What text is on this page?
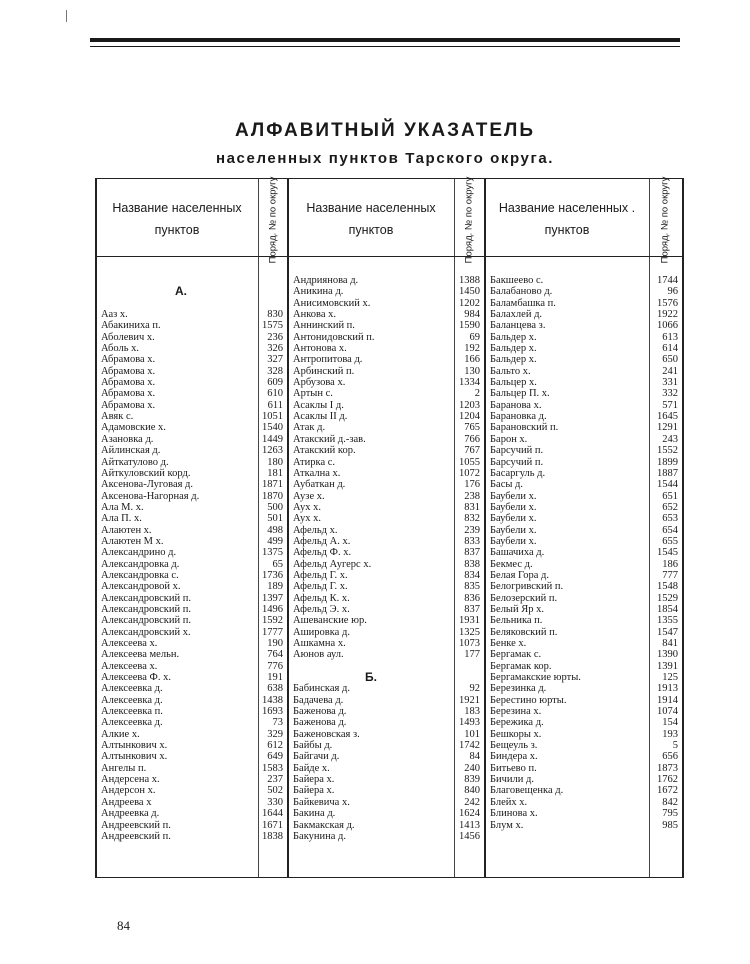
АЛФАВИТНЫЙ УКАЗАТЕЛЬ
населенных пунктов Тарского округа.
Название населенных пунктов	Поряд. № по округу	Название населенных пунктов	Поряд. № по округу	Название населенных . пунктов	Поряд. № по округу
А.
Ааз х.	830
Абакиниха п.	1575
Аболевич х.	236
Аболь х.	326
Абрамова х.	327
Абрамова х.	328
Абрамова х.	609
Абрамова х.	610
Абрамова х.	611
Авяк с.	1051
Адамовские х.	1540
Азановка д.	1449
Айлинская д.	1263
Айткатулово д.	180
Айткуловский корд.	181
Аксенова-Луговая д.	1871
Аксенова-Нагорная д.	1870
Ала М. х.	500
Ала П. х.	501
Алаютен х.	498
Алаютен М х.	499
Александрино д.	1375
Александровка д.	65
Александровка с.	1736
Александровой х.	189
Александровский п.	1397
Александровский п.	1496
Александровский п.	1592
Александровский х.	1777
Алексеева х.	190
Алексеева мельн.	764
Алексеева х.	776
Алексеева Ф. х.	191
Алексеевка д.	638
Алексеевка д.	1438
Алексеевка п.	1693
Алексеевка д.	73
Алкие х.	329
Алтынкович х.	612
Алтынкович х.	649
Ангелы п.	1583
Андерсена х.	237
Андерсон х.	502
Андреева х	330
Андреевка д.	1644
Андреевский п.	1671
Андреевский п.	1838
Андриянова д.	1388
Аникина д.	1450
Анисимовский х.	1202
Анкова х.	984
Аннинский п.	1590
Антонидовский п.	69
Антонова х.	192
Антропитова д.	166
Арбинский п.	130
Арбузова х.	1334
Артын с.	2
Асаклы I д.	1203
Асаклы II д.	1204
Атак д.	765
Атакский д.-зав.	766
Атакский кор.	767
Атирка с.	1055
Аткална х.	1072
Аубаткан д.	176
Аузе х.	238
Аух х.	831
Аух х.	832
Афельд х.	239
Афельд А. х.	833
Афельд Ф. х.	837
Афельд Аугерс х.	838
Афельд Г. х.	834
Афельд Г. х.	835
Афельд К. х.	836
Афельд Э. х.	837
Ашеванские юр.	1931
Ашировка д.	1325
Ашкамна х.	1073
Аюнов аул.	177
Б.
Бабинская д.	92
Бадачева д.	1921
Баженова д.	183
Баженова д.	1493
Баженовская з.	101
Байбы д.	1742
Байгачи д.	84
Байде х.	240
Байера х.	839
Байера х.	840
Байкевича х.	242
Бакина д.	1624
Бакмакская д.	1413
Бакунина д.	1456
Бакшеево с.	1744
Балабаново д.	96
Баламбашка п.	1576
Балахлей д.	1922
Баланцева з.	1066
Бальдер х.	613
Бальдер х.	614
Бальдер х.	650
Бальто х.	241
Бальцер х.	331
Бальцер П. х.	332
Баранова х.	571
Барановка д.	1645
Барановский п.	1291
Барон х.	243
Барсучий п.	1552
Барсучий п.	1899
Басаргуль д.	1887
Басы д.	1544
Баубели х.	651
Баубели х.	652
Баубели х.	653
Баубели х.	654
Баубели х.	655
Башачиха д.	1545
Бекмес д.	186
Белая Гора д.	777
Белогривский п.	1548
Белозерский п.	1529
Белый Яр х.	1854
Бельника п.	1355
Беляковский п.	1547
Бенке х.	841
Бергамак с.	1390
Бергамак кор.	1391
Бергамакские юрты.	125
Березинка д.	1913
Берестино юрты.	1914
Березина х.	1074
Бережика д.	154
Бешкоры х.	193
Бещеуль з.	5
Биндера х.	656
Битьево п.	1873
Бичили д.	1762
Благовещенка д.	1672
Блейх х.	842
Блинова х.	795
Блум х.	985
84
